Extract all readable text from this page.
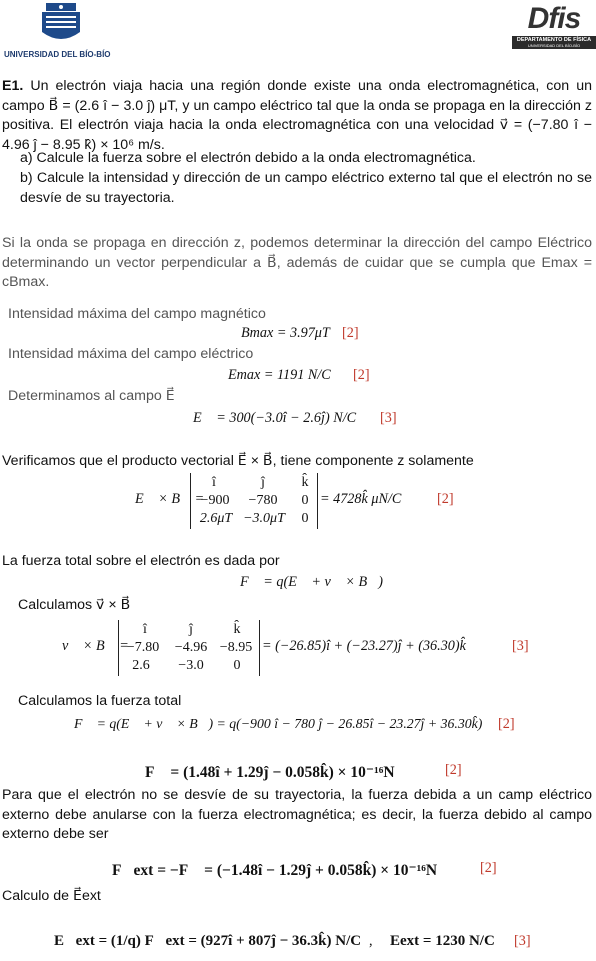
UNIVERSIDAD DEL BÍO-BÍO
Dfis
DEPARTAMENTO DE FÍSICA
UNIVERSIDAD DEL BÍO-BÍO
E1. Un electrón viaja hacia una región donde existe una onda electromagnética, con un campo B⃗ = (2.6 î − 3.0 ĵ) μT, y un campo eléctrico tal que la onda se propaga en la dirección z positiva. El electrón viaja hacia la onda electromagnética con una velocidad v⃗ = (−7.80 î − 4.96 ĵ − 8.95 k̂) × 10⁶ m/s.
a) Calcule la fuerza sobre el electrón debido a la onda electromagnética.
b) Calcule la intensidad y dirección de un campo eléctrico externo tal que el electrón no se desvíe de su trayectoria.
Si la onda se propaga en dirección z, podemos determinar la dirección del campo Eléctrico determinando un vector perpendicular a B⃗, además de cuidar que se cumpla que Emax = cBmax.
Intensidad máxima del campo magnético
Bmax = 3.97μT [2]
Intensidad máxima del campo eléctrico
Emax = 1191 N/C [2]
Determinamos al campo E⃗
E⃗ = 300(−3.0î − 2.6ĵ) N/C [3]
Verificamos que el producto vectorial E⃗ × B⃗, tiene componente z solamente
E⃗ × B⃗ =
î	ĵ	k̂
−900	−780	0
2.6μT −3.0μT	0
= 4728k̂ μN/C	[2]
La fuerza total sobre el electrón es dada por
F⃗ = q(E⃗ + v⃗ × B⃗)
Calculamos v⃗ × B⃗
v⃗ × B⃗ =
î	ĵ	k̂
−7.80	−4.96 −8.95
2.6	−3.0	0
= (−26.85)î + (−23.27)ĵ + (36.30)k̂	[3]
Calculamos la fuerza total
F⃗ = q(E⃗ + v⃗ × B⃗) = q(−900 î − 780 ĵ − 26.85î − 23.27ĵ + 36.30k̂) [2]
F⃗ = (1.48î + 1.29ĵ − 0.058k̂) × 10⁻¹⁶N	[2]
Para que el electrón no se desvíe de su trayectoria, la fuerza debida a un camp eléctrico externo debe anularse con la fuerza electromagnética; es decir, la fuerza debido al campo externo debe ser
F⃗ext = −F⃗ = (−1.48î − 1.29ĵ + 0.058k̂) × 10⁻¹⁶N	[2]
Calculo de E⃗ext
E⃗ext = (1/q) F⃗ext = (927î + 807ĵ − 36.3k̂) N/C , Eext = 1230 N/C [3]
